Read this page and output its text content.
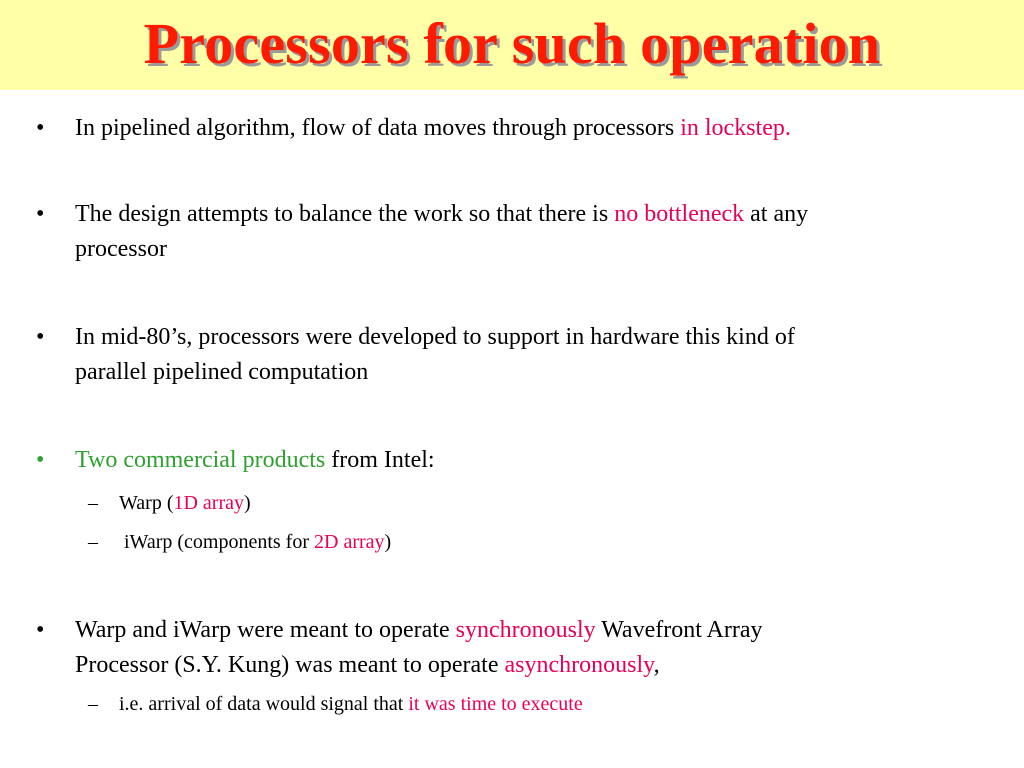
Processors for such operation
• In pipelined algorithm, flow of data moves through processors in lockstep.
• The design attempts to balance the work so that there is no bottleneck at any
processor
• In mid-80’s, processors were developed to support in hardware this kind of
parallel pipelined computation
• Two commercial products from Intel:
– Warp (1D array)
– iWarp (components for 2D array)
• Warp and iWarp were meant to operate synchronously Wavefront Array
Processor (S.Y. Kung) was meant to operate asynchronously,
– i.e. arrival of data would signal that it was time to execute
